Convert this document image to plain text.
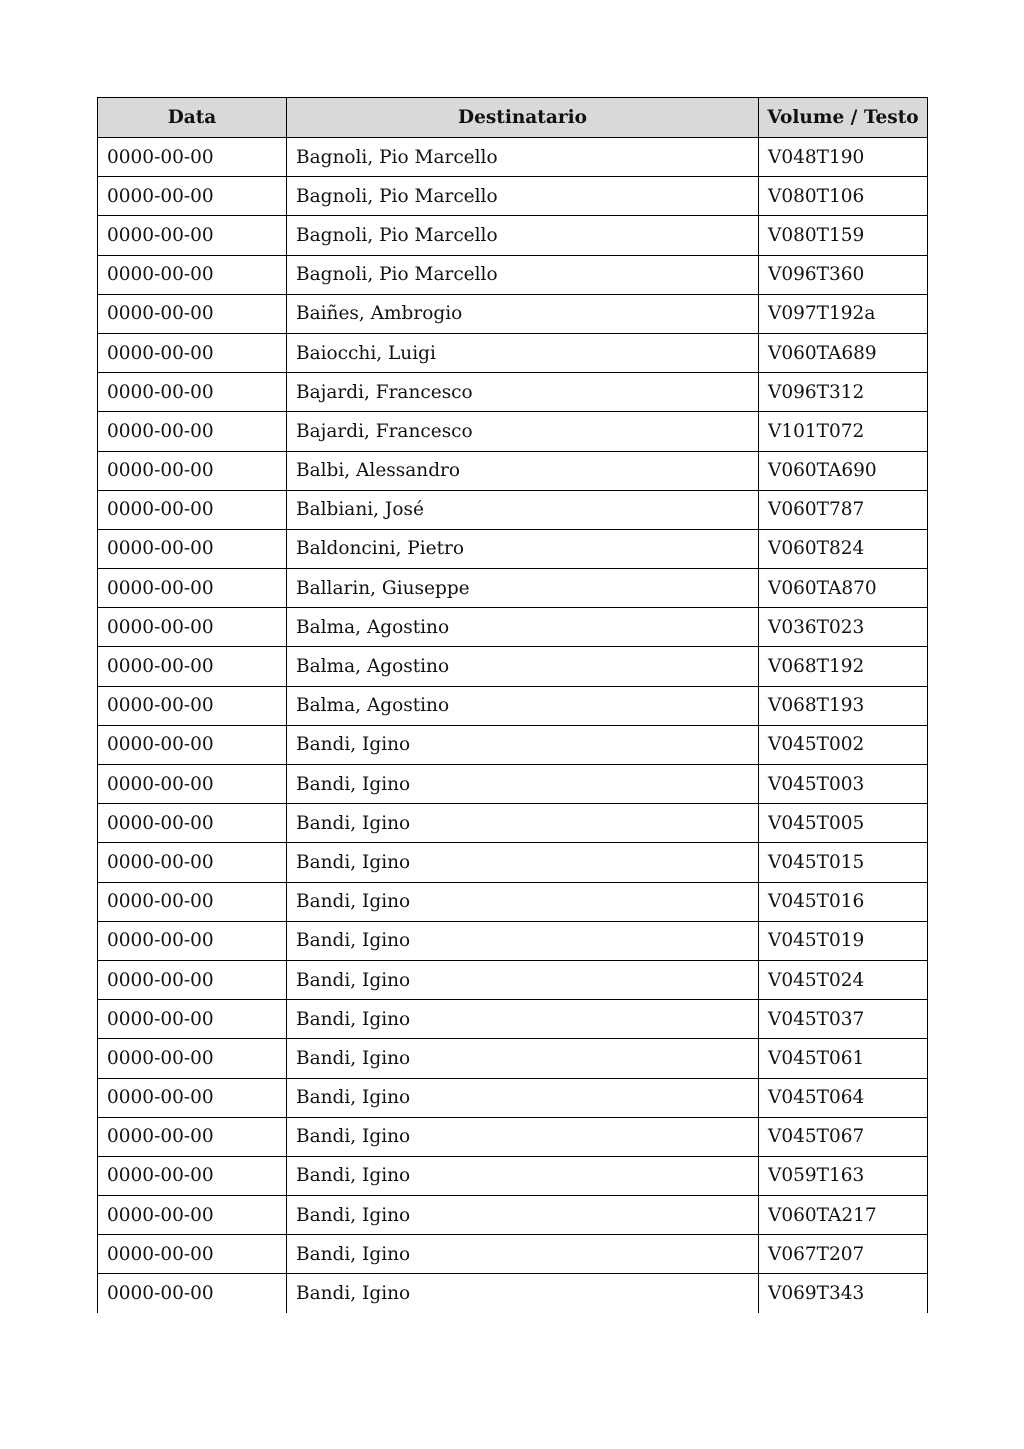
Data	Destinatario	Volume / Testo
0000-00-00	Bagnoli, Pio Marcello	V048T190
0000-00-00	Bagnoli, Pio Marcello	V080T106
0000-00-00	Bagnoli, Pio Marcello	V080T159
0000-00-00	Bagnoli, Pio Marcello	V096T360
0000-00-00	Baiñes, Ambrogio	V097T192a
0000-00-00	Baiocchi, Luigi	V060TA689
0000-00-00	Bajardi, Francesco	V096T312
0000-00-00	Bajardi, Francesco	V101T072
0000-00-00	Balbi, Alessandro	V060TA690
0000-00-00	Balbiani, José	V060T787
0000-00-00	Baldoncini, Pietro	V060T824
0000-00-00	Ballarin, Giuseppe	V060TA870
0000-00-00	Balma, Agostino	V036T023
0000-00-00	Balma, Agostino	V068T192
0000-00-00	Balma, Agostino	V068T193
0000-00-00	Bandi, Igino	V045T002
0000-00-00	Bandi, Igino	V045T003
0000-00-00	Bandi, Igino	V045T005
0000-00-00	Bandi, Igino	V045T015
0000-00-00	Bandi, Igino	V045T016
0000-00-00	Bandi, Igino	V045T019
0000-00-00	Bandi, Igino	V045T024
0000-00-00	Bandi, Igino	V045T037
0000-00-00	Bandi, Igino	V045T061
0000-00-00	Bandi, Igino	V045T064
0000-00-00	Bandi, Igino	V045T067
0000-00-00	Bandi, Igino	V059T163
0000-00-00	Bandi, Igino	V060TA217
0000-00-00	Bandi, Igino	V067T207
0000-00-00	Bandi, Igino	V069T343
